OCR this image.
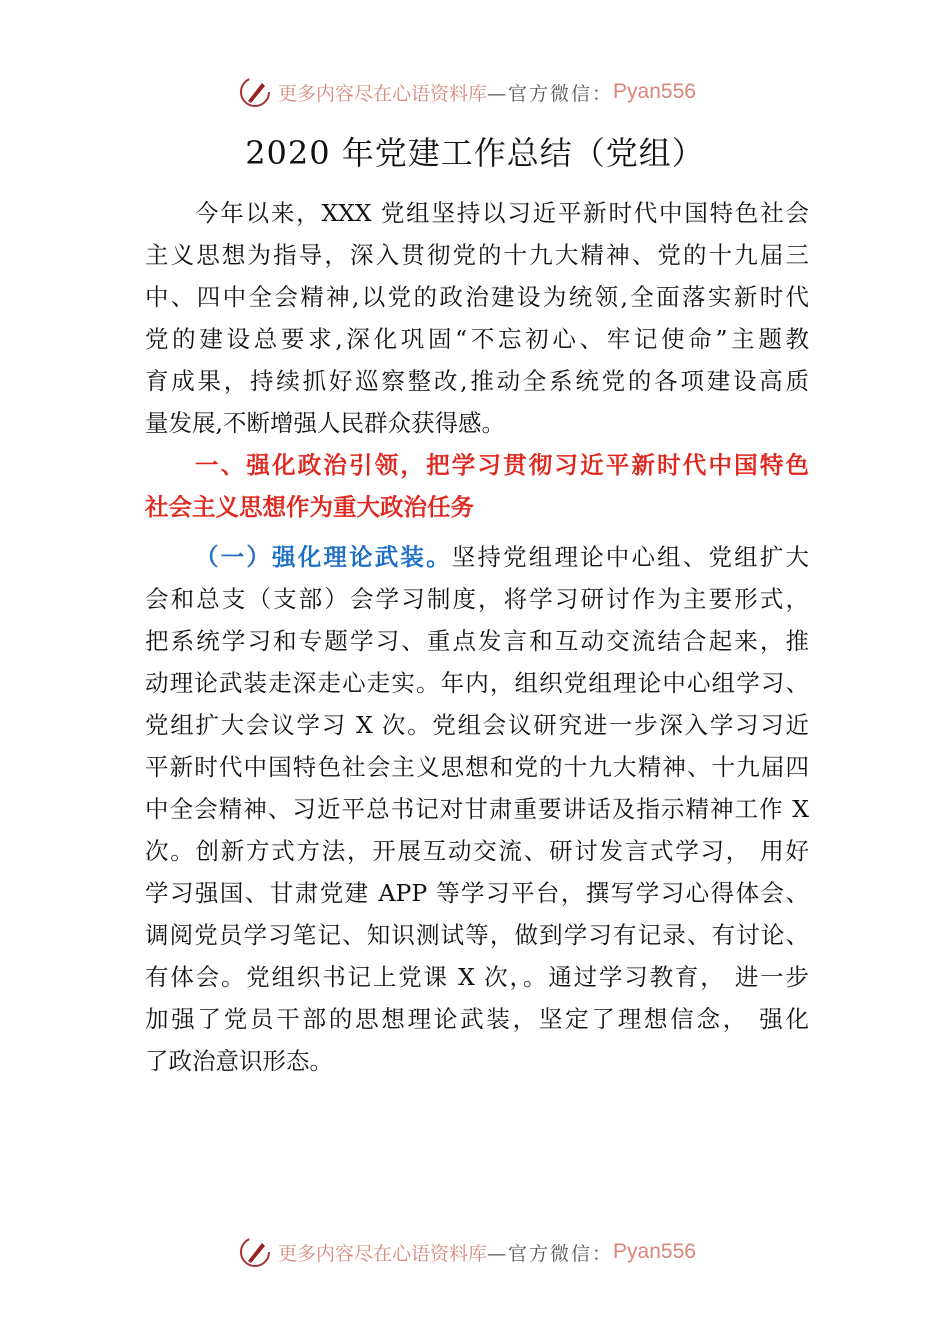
更多内容尽在心语资料库 —官方微信： Pyan556
2020 年党建工作总结（党组）
今年以来，XXX 党组坚持以习近平新时代中国特色社会
主义思想为指导，深入贯彻党的十九大精神、党的十九届三
中、四中全会精神,以党的政治建设为统领,全面落实新时代
党的建设总要求,深化巩固“不忘初心、牢记使命”主题教
育成果，持续抓好巡察整改,推动全系统党的各项建设高质
量发展,不断增强人民群众获得感。
一、强化政治引领，把学习贯彻习近平新时代中国特色
社会主义思想作为重大政治任务
（一）强化理论武装。坚持党组理论中心组、党组扩大
会和总支（支部）会学习制度，将学习研讨作为主要形式，
把系统学习和专题学习、重点发言和互动交流结合起来，推
动理论武装走深走心走实。年内，组织党组理论中心组学习、
党组扩大会议学习 X 次。党组会议研究进一步深入学习习近
平新时代中国特色社会主义思想和党的十九大精神、十九届四
中全会精神、习近平总书记对甘肃重要讲话及指示精神工作 X
次。创新方式方法，开展互动交流、研讨发言式学习， 用好
学习强国、甘肃党建 APP 等学习平台，撰写学习心得体会、
调阅党员学习笔记、知识测试等，做到学习有记录、有讨论、
有体会。党组织书记上党课 X 次，。通过学习教育， 进一步
加强了党员干部的思想理论武装，坚定了理想信念， 强化
了政治意识形态。
更多内容尽在心语资料库 —官方微信： Pyan556
